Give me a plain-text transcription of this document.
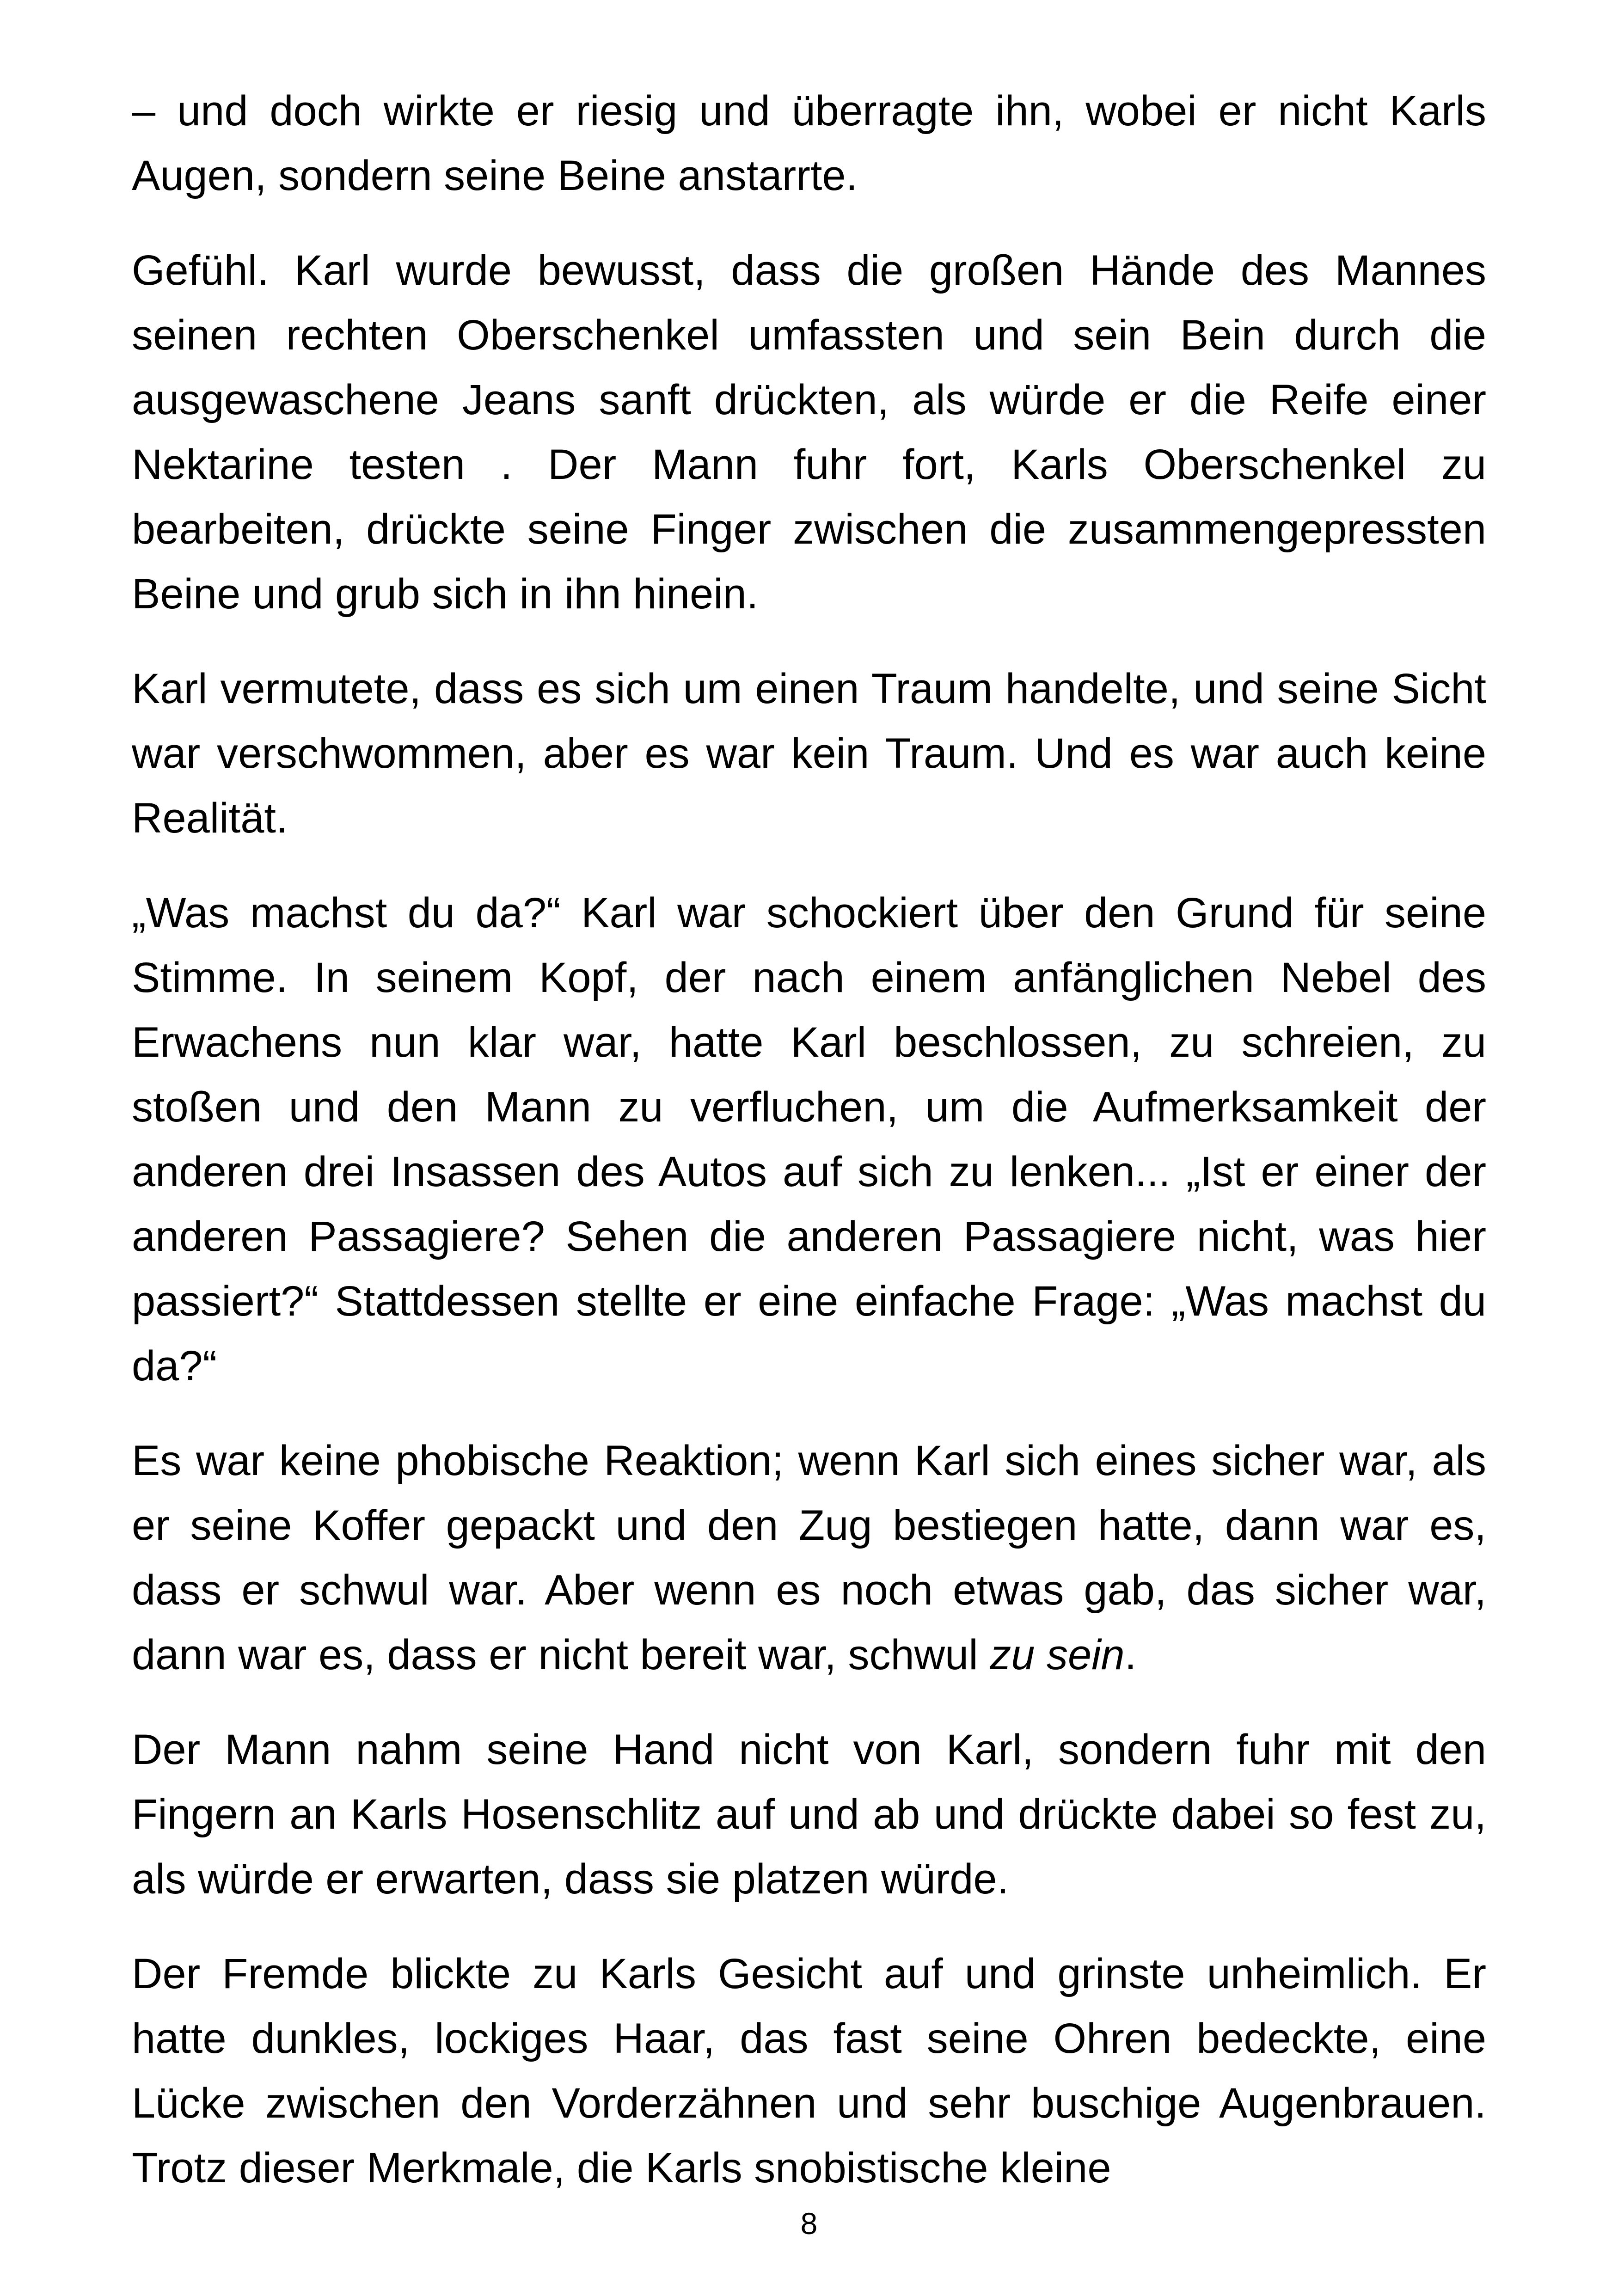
– und doch wirkte er riesig und überragte ihn, wobei er nicht Karls Augen, sondern seine Beine anstarrte.

Gefühl. Karl wurde bewusst, dass die großen Hände des Mannes seinen rechten Oberschenkel umfassten und sein Bein durch die ausgewaschene Jeans sanft drückten, als würde er die Reife einer Nektarine testen . Der Mann fuhr fort, Karls Oberschenkel zu bearbeiten, drückte seine Finger zwischen die zusammengepressten Beine und grub sich in ihn hinein.

Karl vermutete, dass es sich um einen Traum handelte, und seine Sicht war verschwommen, aber es war kein Traum. Und es war auch keine Realität.

„Was machst du da?“ Karl war schockiert über den Grund für seine Stimme. In seinem Kopf, der nach einem anfänglichen Nebel des Erwachens nun klar war, hatte Karl beschlossen, zu schreien, zu stoßen und den Mann zu verfluchen, um die Aufmerksamkeit der anderen drei Insassen des Autos auf sich zu lenken... „Ist er einer der anderen Passagiere? Sehen die anderen Passagiere nicht, was hier passiert?“ Stattdessen stellte er eine einfache Frage: „Was machst du da?“

Es war keine phobische Reaktion; wenn Karl sich eines sicher war, als er seine Koffer gepackt und den Zug bestiegen hatte, dann war es, dass er schwul war. Aber wenn es noch etwas gab, das sicher war, dann war es, dass er nicht bereit war, schwul zu sein.

Der Mann nahm seine Hand nicht von Karl, sondern fuhr mit den Fingern an Karls Hosenschlitz auf und ab und drückte dabei so fest zu, als würde er erwarten, dass sie platzen würde.

Der Fremde blickte zu Karls Gesicht auf und grinste unheimlich. Er hatte dunkles, lockiges Haar, das fast seine Ohren bedeckte, eine Lücke zwischen den Vorderzähnen und sehr buschige Augenbrauen. Trotz dieser Merkmale, die Karls snobistische kleine

8
